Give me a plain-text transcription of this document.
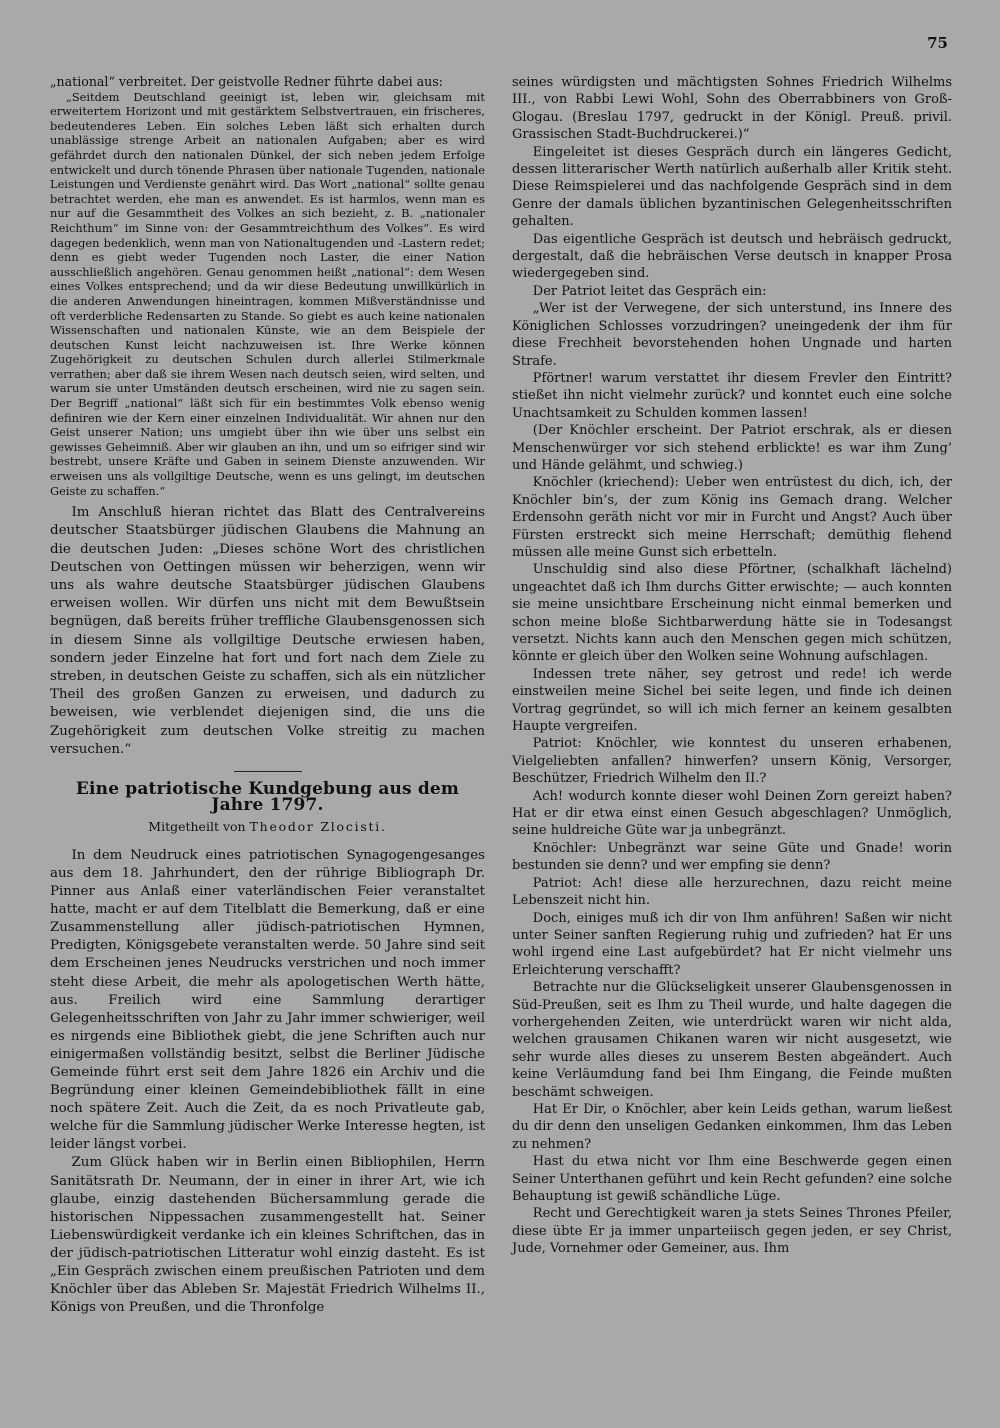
75

„national“ verbreitet. Der geistvolle Redner führte dabei aus:

„Seitdem Deutschland geeinigt ist, leben wir, gleichsam mit erweitertem Horizont und mit gestärktem Selbstvertrauen, ein frischeres, bedeutenderes Leben. Ein solches Leben läßt sich erhalten durch unablässige strenge Arbeit an nationalen Aufgaben; aber es wird gefährdet durch den nationalen Dünkel, der sich neben jedem Erfolge entwickelt und durch tönende Phrasen über nationale Tugenden, nationale Leistungen und Verdienste genährt wird. Das Wort „national“ sollte genau betrachtet werden, ehe man es anwendet. Es ist harmlos, wenn man es nur auf die Gesammtheit des Volkes an sich bezieht, z. B. „nationaler Reichthum“ im Sinne von: der Gesammtreichthum des Volkes“. Es wird dagegen bedenklich, wenn man von Nationaltugenden und -Lastern redet; denn es giebt weder Tugenden noch Laster, die einer Nation ausschließlich angehören. Genau genommen heißt „national“: dem Wesen eines Volkes entsprechend; und da wir diese Bedeutung unwillkürlich in die anderen Anwendungen hineintragen, kommen Mißverständnisse und oft verderbliche Redensarten zu Stande. So giebt es auch keine nationalen Wissenschaften und nationalen Künste, wie an dem Beispiele der deutschen Kunst leicht nachzuweisen ist. Ihre Werke können Zugehörigkeit zu deutschen Schulen durch allerlei Stilmerkmale verrathen; aber daß sie ihrem Wesen nach deutsch seien, wird selten, und warum sie unter Umständen deutsch erscheinen, wird nie zu sagen sein. Der Begriff „national“ läßt sich für ein bestimmtes Volk ebenso wenig definiren wie der Kern einer einzelnen Individualität. Wir ahnen nur den Geist unserer Nation; uns umgiebt über ihn wie über uns selbst ein gewisses Geheimniß. Aber wir glauben an ihn, und um so eifriger sind wir bestrebt, unsere Kräfte und Gaben in seinem Dienste anzuwenden. Wir erweisen uns als vollgiltige Deutsche, wenn es uns gelingt, im deutschen Geiste zu schaffen.“

Im Anschluß hieran richtet das Blatt des Centralvereins deutscher Staatsbürger jüdischen Glaubens die Mahnung an die deutschen Juden: „Dieses schöne Wort des christlichen Deutschen von Oettingen müssen wir beherzigen, wenn wir uns als wahre deutsche Staatsbürger jüdischen Glaubens erweisen wollen. Wir dürfen uns nicht mit dem Bewußtsein begnügen, daß bereits früher treffliche Glaubensgenossen sich in diesem Sinne als vollgiltige Deutsche erwiesen haben, sondern jeder Einzelne hat fort und fort nach dem Ziele zu streben, in deutschen Geiste zu schaffen, sich als ein nützlicher Theil des großen Ganzen zu erweisen, und dadurch zu beweisen, wie verblendet diejenigen sind, die uns die Zugehörigkeit zum deutschen Volke streitig zu machen versuchen.“

Eine patriotische Kundgebung aus dem Jahre 1797.
Mitgetheilt von Theodor Zlocisti.

In dem Neudruck eines patriotischen Synagogengesanges aus dem 18. Jahrhundert, den der rührige Bibliograph Dr. Pinner aus Anlaß einer vaterländischen Feier veranstaltet hatte, macht er auf dem Titelblatt die Bemerkung, daß er eine Zusammenstellung aller jüdisch-patriotischen Hymnen, Predigten, Königsgebete veranstalten werde. 50 Jahre sind seit dem Erscheinen jenes Neudrucks verstrichen und noch immer steht diese Arbeit, die mehr als apologetischen Werth hätte, aus. Freilich wird eine Sammlung derartiger Gelegenheitsschriften von Jahr zu Jahr immer schwieriger, weil es nirgends eine Bibliothek giebt, die jene Schriften auch nur einigermaßen vollständig besitzt, selbst die Berliner Jüdische Gemeinde führt erst seit dem Jahre 1826 ein Archiv und die Begründung einer kleinen Gemeindebibliothek fällt in eine noch spätere Zeit. Auch die Zeit, da es noch Privatleute gab, welche für die Sammlung jüdischer Werke Interesse hegten, ist leider längst vorbei.

Zum Glück haben wir in Berlin einen Bibliophilen, Herrn Sanitätsrath Dr. Neumann, der in einer in ihrer Art, wie ich glaube, einzig dastehenden Büchersammlung gerade die historischen Nippessachen zusammengestellt hat. Seiner Liebenswürdigkeit verdanke ich ein kleines Schriftchen, das in der jüdisch-patriotischen Litteratur wohl einzig dasteht. Es ist „Ein Gespräch zwischen einem preußischen Patrioten und dem Knöchler über das Ableben Sr. Majestät Friedrich Wilhelms II., Königs von Preußen, und die Thronfolge

seines würdigsten und mächtigsten Sohnes Friedrich Wilhelms III., von Rabbi Lewi Wohl, Sohn des Oberrabbiners von Groß-Glogau. (Breslau 1797, gedruckt in der Königl. Preuß. privil. Grassischen Stadt-Buchdruckerei.)“

Eingeleitet ist dieses Gespräch durch ein längeres Gedicht, dessen litterarischer Werth natürlich außerhalb aller Kritik steht. Diese Reimspielerei und das nachfolgende Gespräch sind in dem Genre der damals üblichen byzantinischen Gelegenheitsschriften gehalten.

Das eigentliche Gespräch ist deutsch und hebräisch gedruckt, dergestalt, daß die hebräischen Verse deutsch in knapper Prosa wiedergegeben sind.

Der Patriot leitet das Gespräch ein:

„Wer ist der Verwegene, der sich unterstund, ins Innere des Königlichen Schlosses vorzudringen? uneingedenk der ihm für diese Frechheit bevorstehenden hohen Ungnade und harten Strafe.

Pförtner! warum verstattet ihr diesem Frevler den Eintritt? stießet ihn nicht vielmehr zurück? und konntet euch eine solche Unachtsamkeit zu Schulden kommen lassen!

(Der Knöchler erscheint. Der Patriot erschrak, als er diesen Menschenwürger vor sich stehend erblickte! es war ihm Zung’ und Hände gelähmt, und schwieg.)

Knöchler (kriechend): Ueber wen entrüstest du dich, ich, der Knöchler bin’s, der zum König ins Gemach drang. Welcher Erdensohn geräth nicht vor mir in Furcht und Angst? Auch über Fürsten erstreckt sich meine Herrschaft; demüthig flehend müssen alle meine Gunst sich erbetteln.

Unschuldig sind also diese Pförtner, (schalkhaft lächelnd) ungeachtet daß ich Ihm durchs Gitter erwischte; — auch konnten sie meine unsichtbare Erscheinung nicht einmal bemerken und schon meine bloße Sichtbarwerdung hätte sie in Todesangst versetzt. Nichts kann auch den Menschen gegen mich schützen, könnte er gleich über den Wolken seine Wohnung aufschlagen.

Indessen trete näher, sey getrost und rede! ich werde einstweilen meine Sichel bei seite legen, und finde ich deinen Vortrag gegründet, so will ich mich ferner an keinem gesalbten Haupte vergreifen.

Patriot: Knöchler, wie konntest du unseren erhabenen, Vielgeliebten anfallen? hinwerfen? unsern König, Versorger, Beschützer, Friedrich Wilhelm den II.?

Ach! wodurch konnte dieser wohl Deinen Zorn gereizt haben? Hat er dir etwa einst einen Gesuch abgeschlagen? Unmöglich, seine huldreiche Güte war ja unbegränzt.

Knöchler: Unbegränzt war seine Güte und Gnade! worin bestunden sie denn? und wer empfing sie denn?

Patriot: Ach! diese alle herzurechnen, dazu reicht meine Lebenszeit nicht hin.

Doch, einiges muß ich dir von Ihm anführen! Saßen wir nicht unter Seiner sanften Regierung ruhig und zufrieden? hat Er uns wohl irgend eine Last aufgebürdet? hat Er nicht vielmehr uns Erleichterung verschafft?

Betrachte nur die Glückseligkeit unserer Glaubensgenossen in Süd-Preußen, seit es Ihm zu Theil wurde, und halte dagegen die vorhergehenden Zeiten, wie unterdrückt waren wir nicht alda, welchen grausamen Chikanen waren wir nicht ausgesetzt, wie sehr wurde alles dieses zu unserem Besten abgeändert. Auch keine Verläumdung fand bei Ihm Eingang, die Feinde mußten beschämt schweigen.

Hat Er Dir, o Knöchler, aber kein Leids gethan, warum ließest du dir denn den unseligen Gedanken einkommen, Ihm das Leben zu nehmen?

Hast du etwa nicht vor Ihm eine Beschwerde gegen einen Seiner Unterthanen geführt und kein Recht gefunden? eine solche Behauptung ist gewiß schändliche Lüge.

Recht und Gerechtigkeit waren ja stets Seines Thrones Pfeiler, diese übte Er ja immer unparteiisch gegen jeden, er sey Christ, Jude, Vornehmer oder Gemeiner, aus. Ihm
